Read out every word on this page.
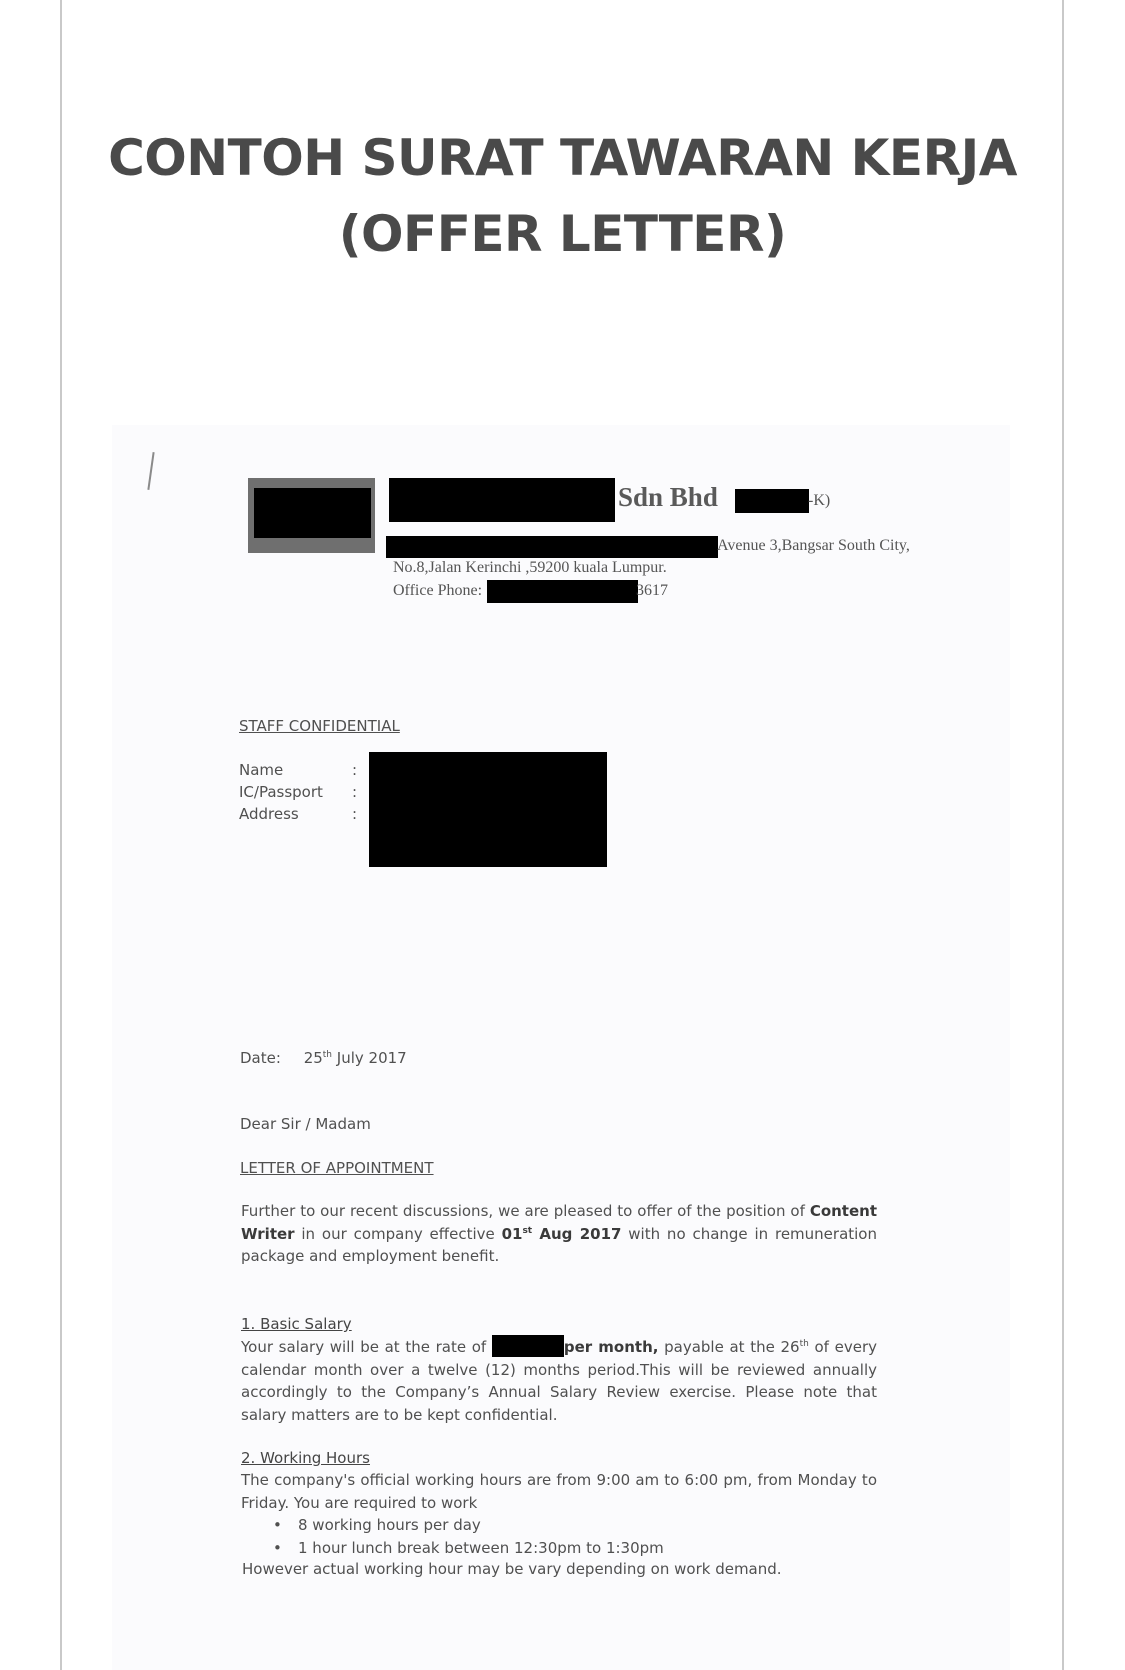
CONTOH SURAT TAWARAN KERJA
(OFFER LETTER)
Sdn Bhd	-K)
Avenue 3,Bangsar South City,
No.8,Jalan Kerinchi ,59200 kuala Lumpur.
Office Phone:	3617
STAFF CONFIDENTIAL
Name	:
IC/Passport :
Address	:
Date: 25th July 2017
Dear Sir / Madam
LETTER OF APPOINTMENT
Further to our recent discussions, we are pleased to offer of the position of Content Writer in our company effective 01st Aug 2017 with no change in remuneration package and employment benefit.
1. Basic Salary
Your salary will be at the rate of	per month, payable at the 26th of every calendar month over a twelve (12) months period.This will be reviewed annually accordingly to the Company’s Annual Salary Review exercise. Please note that salary matters are to be kept confidential.
2. Working Hours
The company's official working hours are from 9:00 am to 6:00 pm, from Monday to Friday. You are required to work
• 8 working hours per day
• 1 hour lunch break between 12:30pm to 1:30pm
However actual working hour may be vary depending on work demand.
